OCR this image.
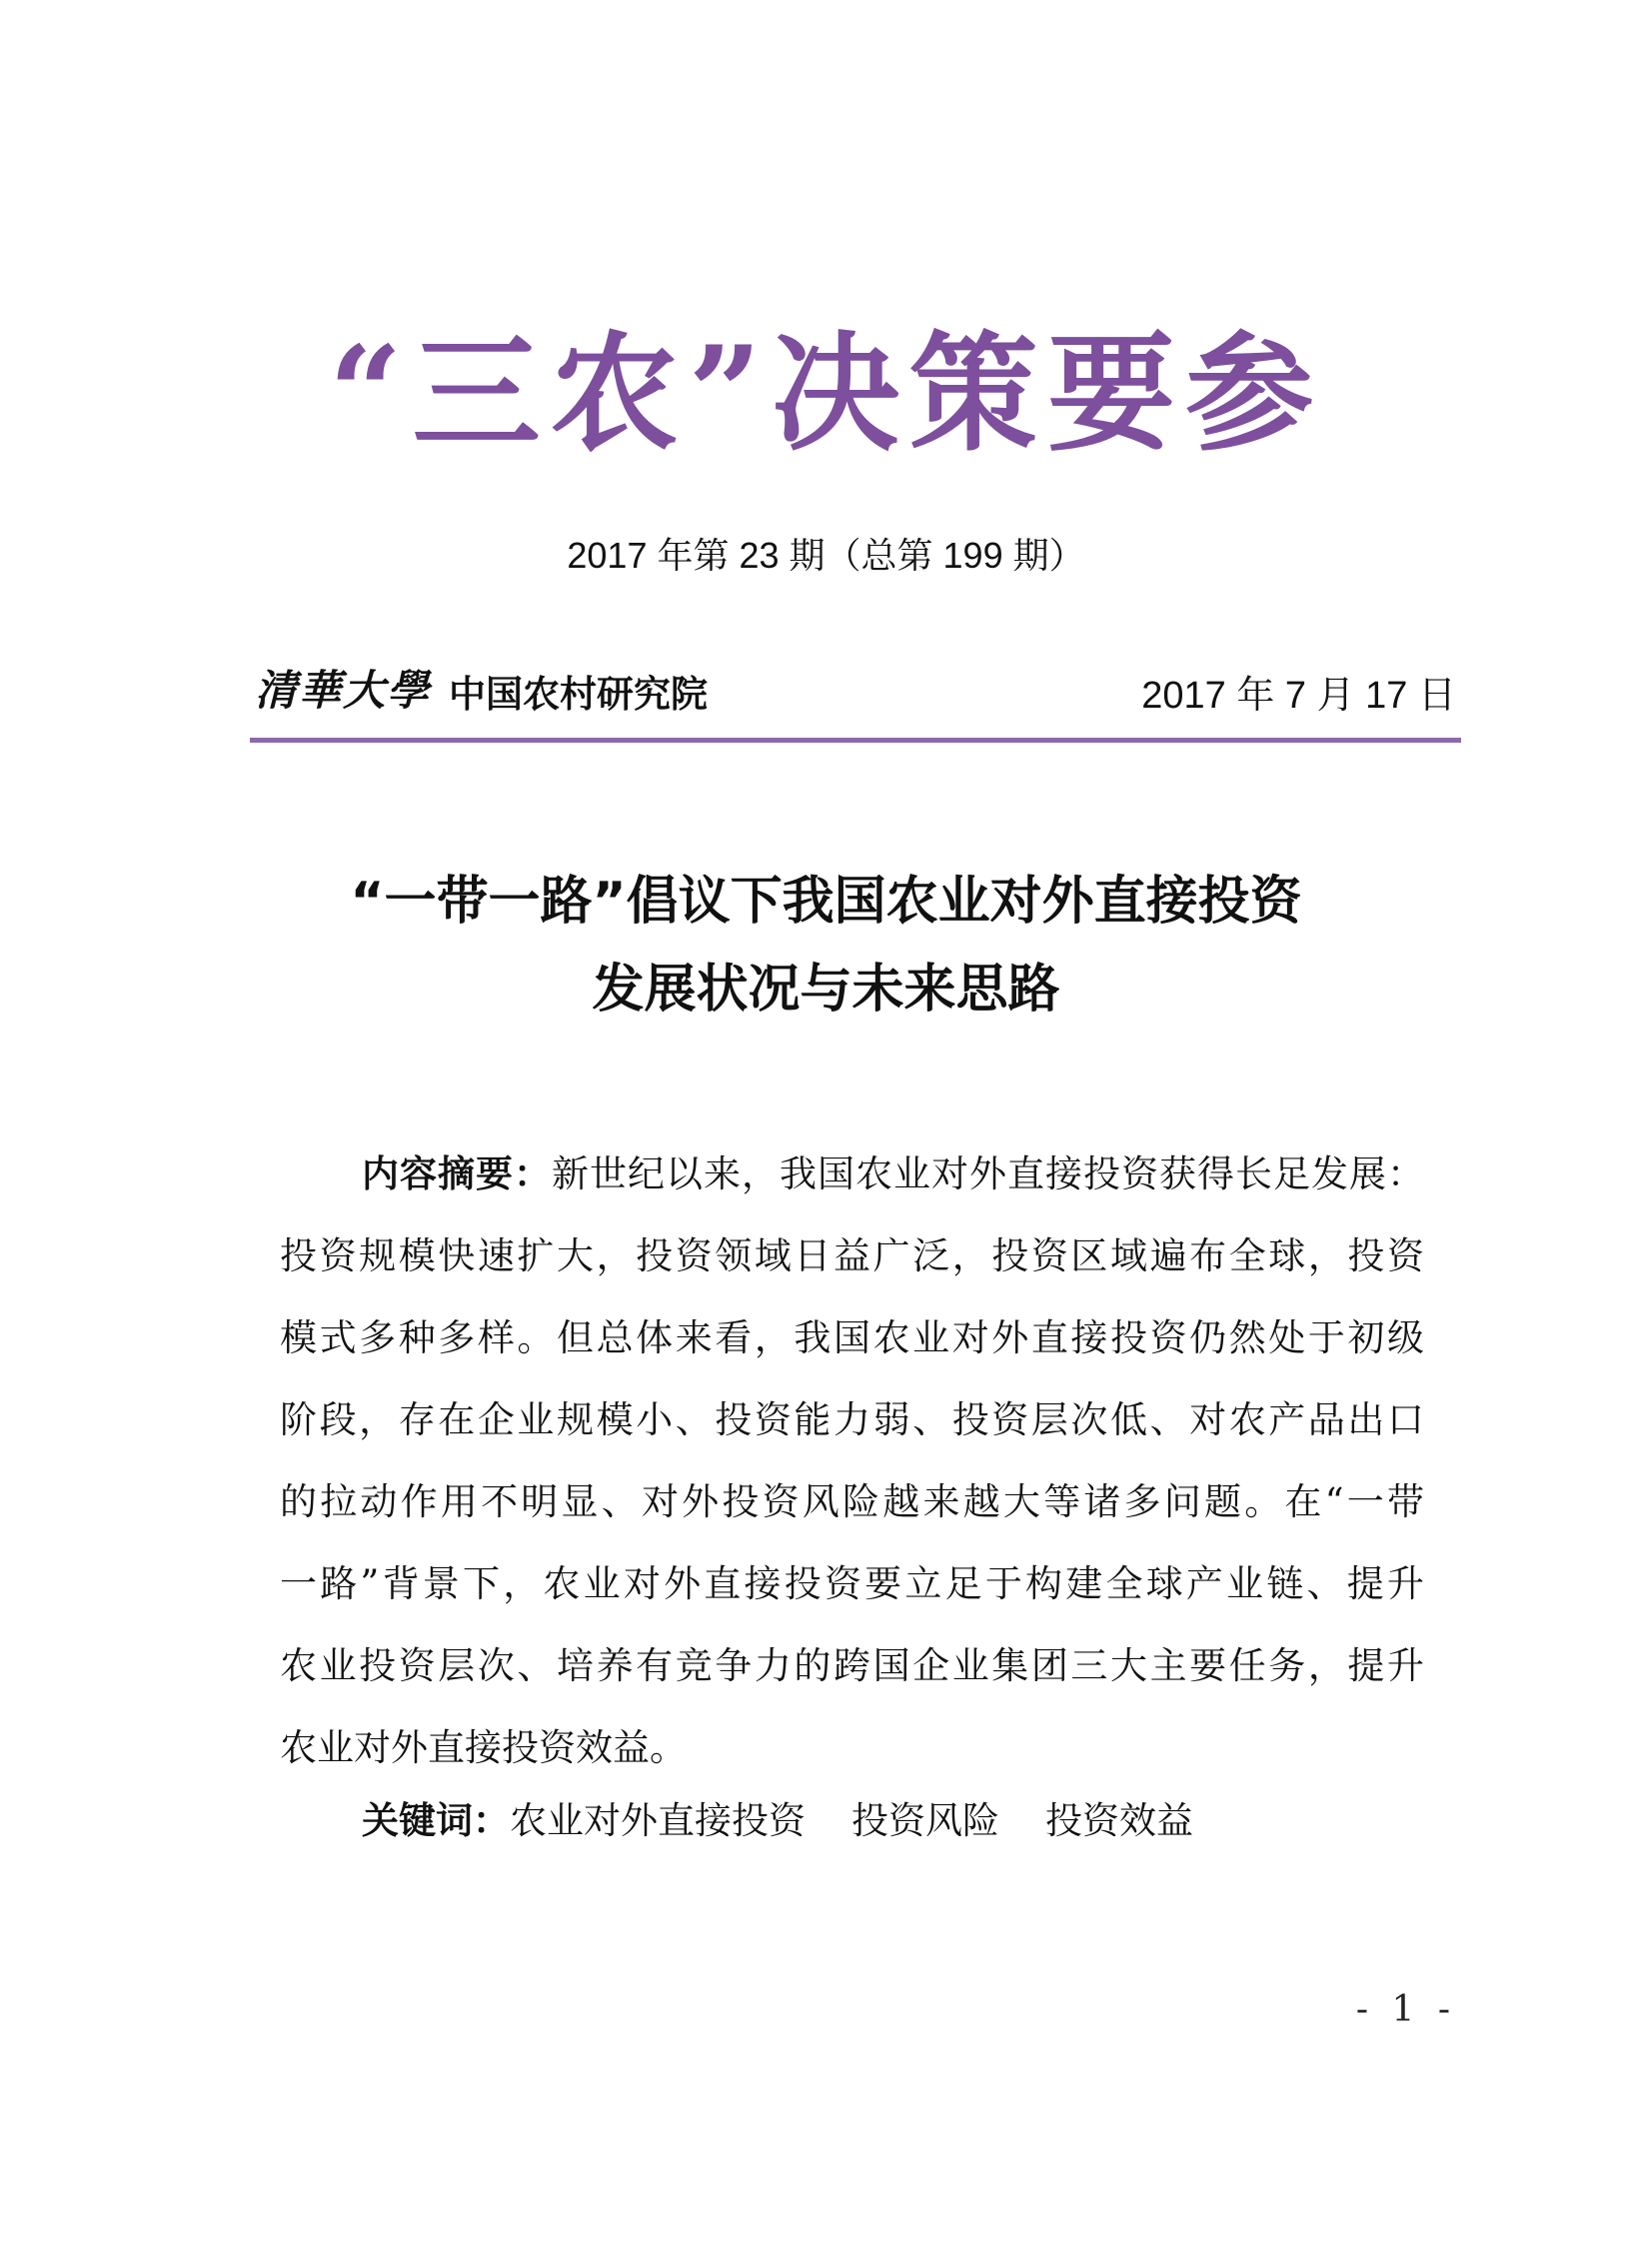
“三农”决策要参
2017 年第 23 期（总第 199 期）
清華大學 中国农村研究院	2017 年 7 月 17 日
“一带一路”倡议下我国农业对外直接投资
发展状况与未来思路
内容摘要：新世纪以来，我国农业对外直接投资获得长足发展：
投资规模快速扩大，投资领域日益广泛，投资区域遍布全球，投资
模式多种多样。但总体来看，我国农业对外直接投资仍然处于初级
阶段，存在企业规模小、投资能力弱、投资层次低、对农产品出口
的拉动作用不明显、对外投资风险越来越大等诸多问题。在“一带
一路”背景下，农业对外直接投资要立足于构建全球产业链、提升
农业投资层次、培养有竞争力的跨国企业集团三大主要任务，提升
农业对外直接投资效益。
关键词：农业对外直接投资 投资风险 投资效益
- 1 -
